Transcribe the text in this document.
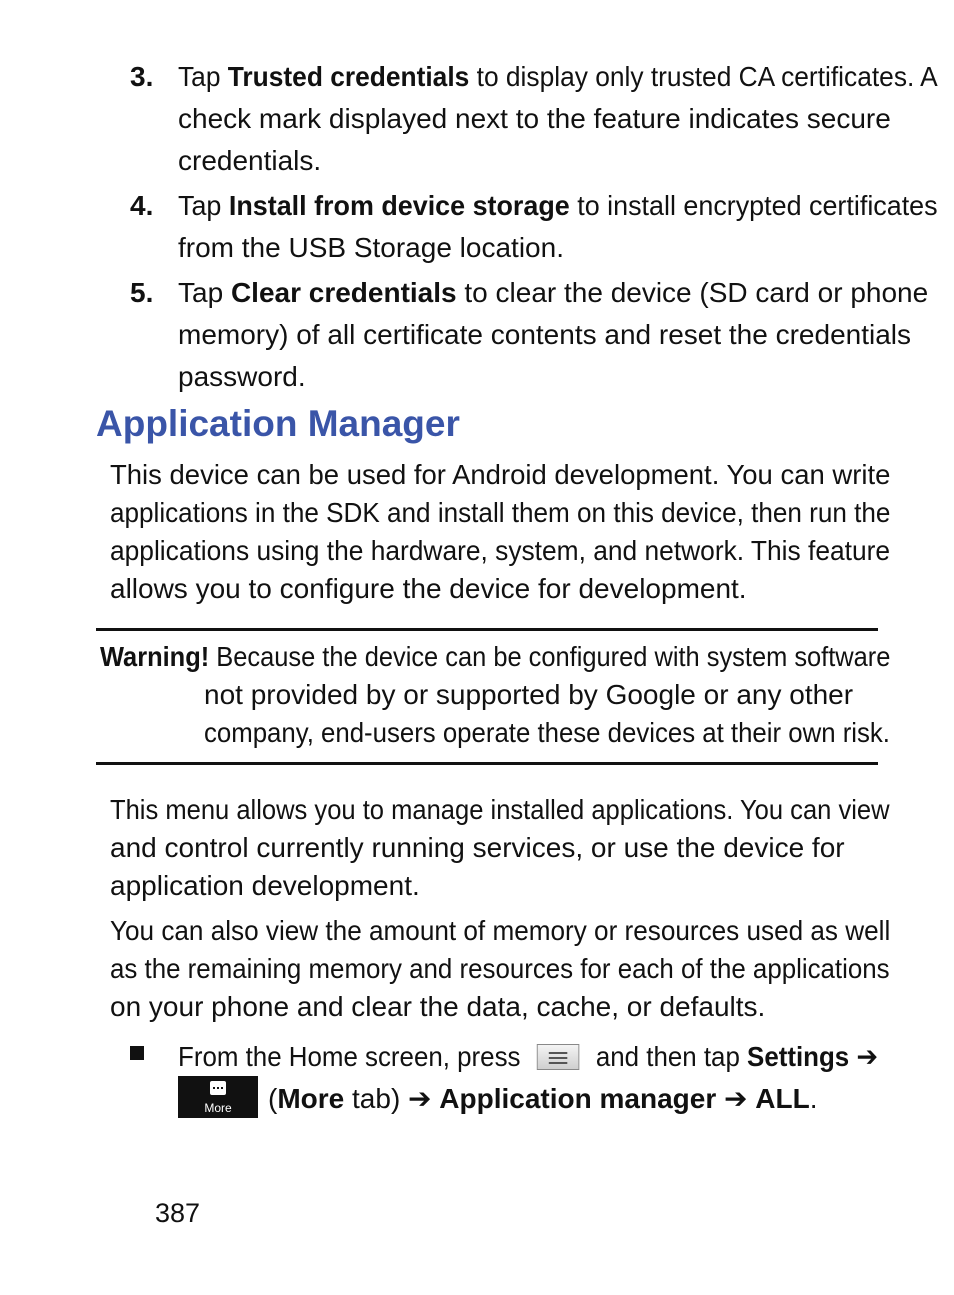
3. Tap Trusted credentials to display only trusted CA certificates. A
check mark displayed next to the feature indicates secure
credentials.
4. Tap Install from device storage to install encrypted certificates
from the USB Storage location.
5. Tap Clear credentials to clear the device (SD card or phone
memory) of all certificate contents and reset the credentials
password.
Application Manager
This device can be used for Android development. You can write
applications in the SDK and install them on this device, then run the
applications using the hardware, system, and network. This feature
allows you to configure the device for development.
Warning! Because the device can be configured with system software
not provided by or supported by Google or any other
company, end-users operate these devices at their own risk.
This menu allows you to manage installed applications. You can view
and control currently running services, or use the device for
application development.
You can also view the amount of memory or resources used as well
as the remaining memory and resources for each of the applications
on your phone and clear the data, cache, or defaults.
From the Home screen, press	and then tap Settings ➔
More	(More tab) ➔ Application manager ➔ ALL.
387
